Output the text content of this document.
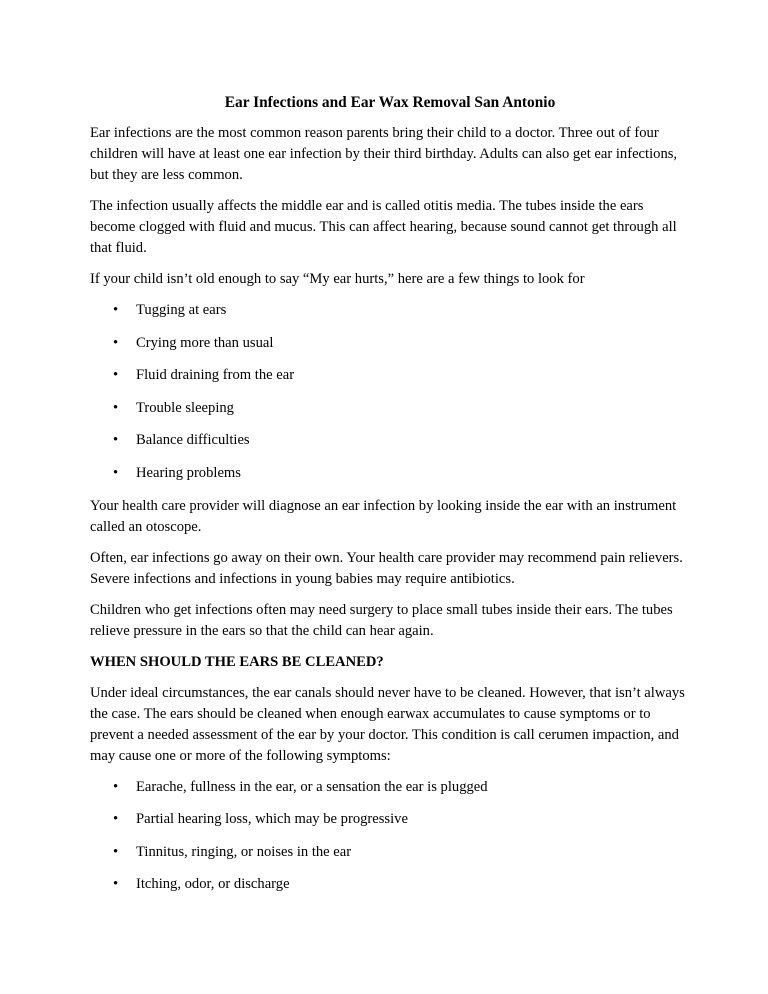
Ear Infections and Ear Wax Removal San Antonio

Ear infections are the most common reason parents bring their child to a doctor. Three out of four children will have at least one ear infection by their third birthday. Adults can also get ear infections, but they are less common.

The infection usually affects the middle ear and is called otitis media. The tubes inside the ears become clogged with fluid and mucus. This can affect hearing, because sound cannot get through all that fluid.

If your child isn’t old enough to say “My ear hurts,” here are a few things to look for

• Tugging at ears
• Crying more than usual
• Fluid draining from the ear
• Trouble sleeping
• Balance difficulties
• Hearing problems

Your health care provider will diagnose an ear infection by looking inside the ear with an instrument called an otoscope.

Often, ear infections go away on their own. Your health care provider may recommend pain relievers. Severe infections and infections in young babies may require antibiotics.

Children who get infections often may need surgery to place small tubes inside their ears. The tubes relieve pressure in the ears so that the child can hear again.

WHEN SHOULD THE EARS BE CLEANED?

Under ideal circumstances, the ear canals should never have to be cleaned. However, that isn’t always the case. The ears should be cleaned when enough earwax accumulates to cause symptoms or to prevent a needed assessment of the ear by your doctor. This condition is call cerumen impaction, and may cause one or more of the following symptoms:

• Earache, fullness in the ear, or a sensation the ear is plugged
• Partial hearing loss, which may be progressive
• Tinnitus, ringing, or noises in the ear
• Itching, odor, or discharge
